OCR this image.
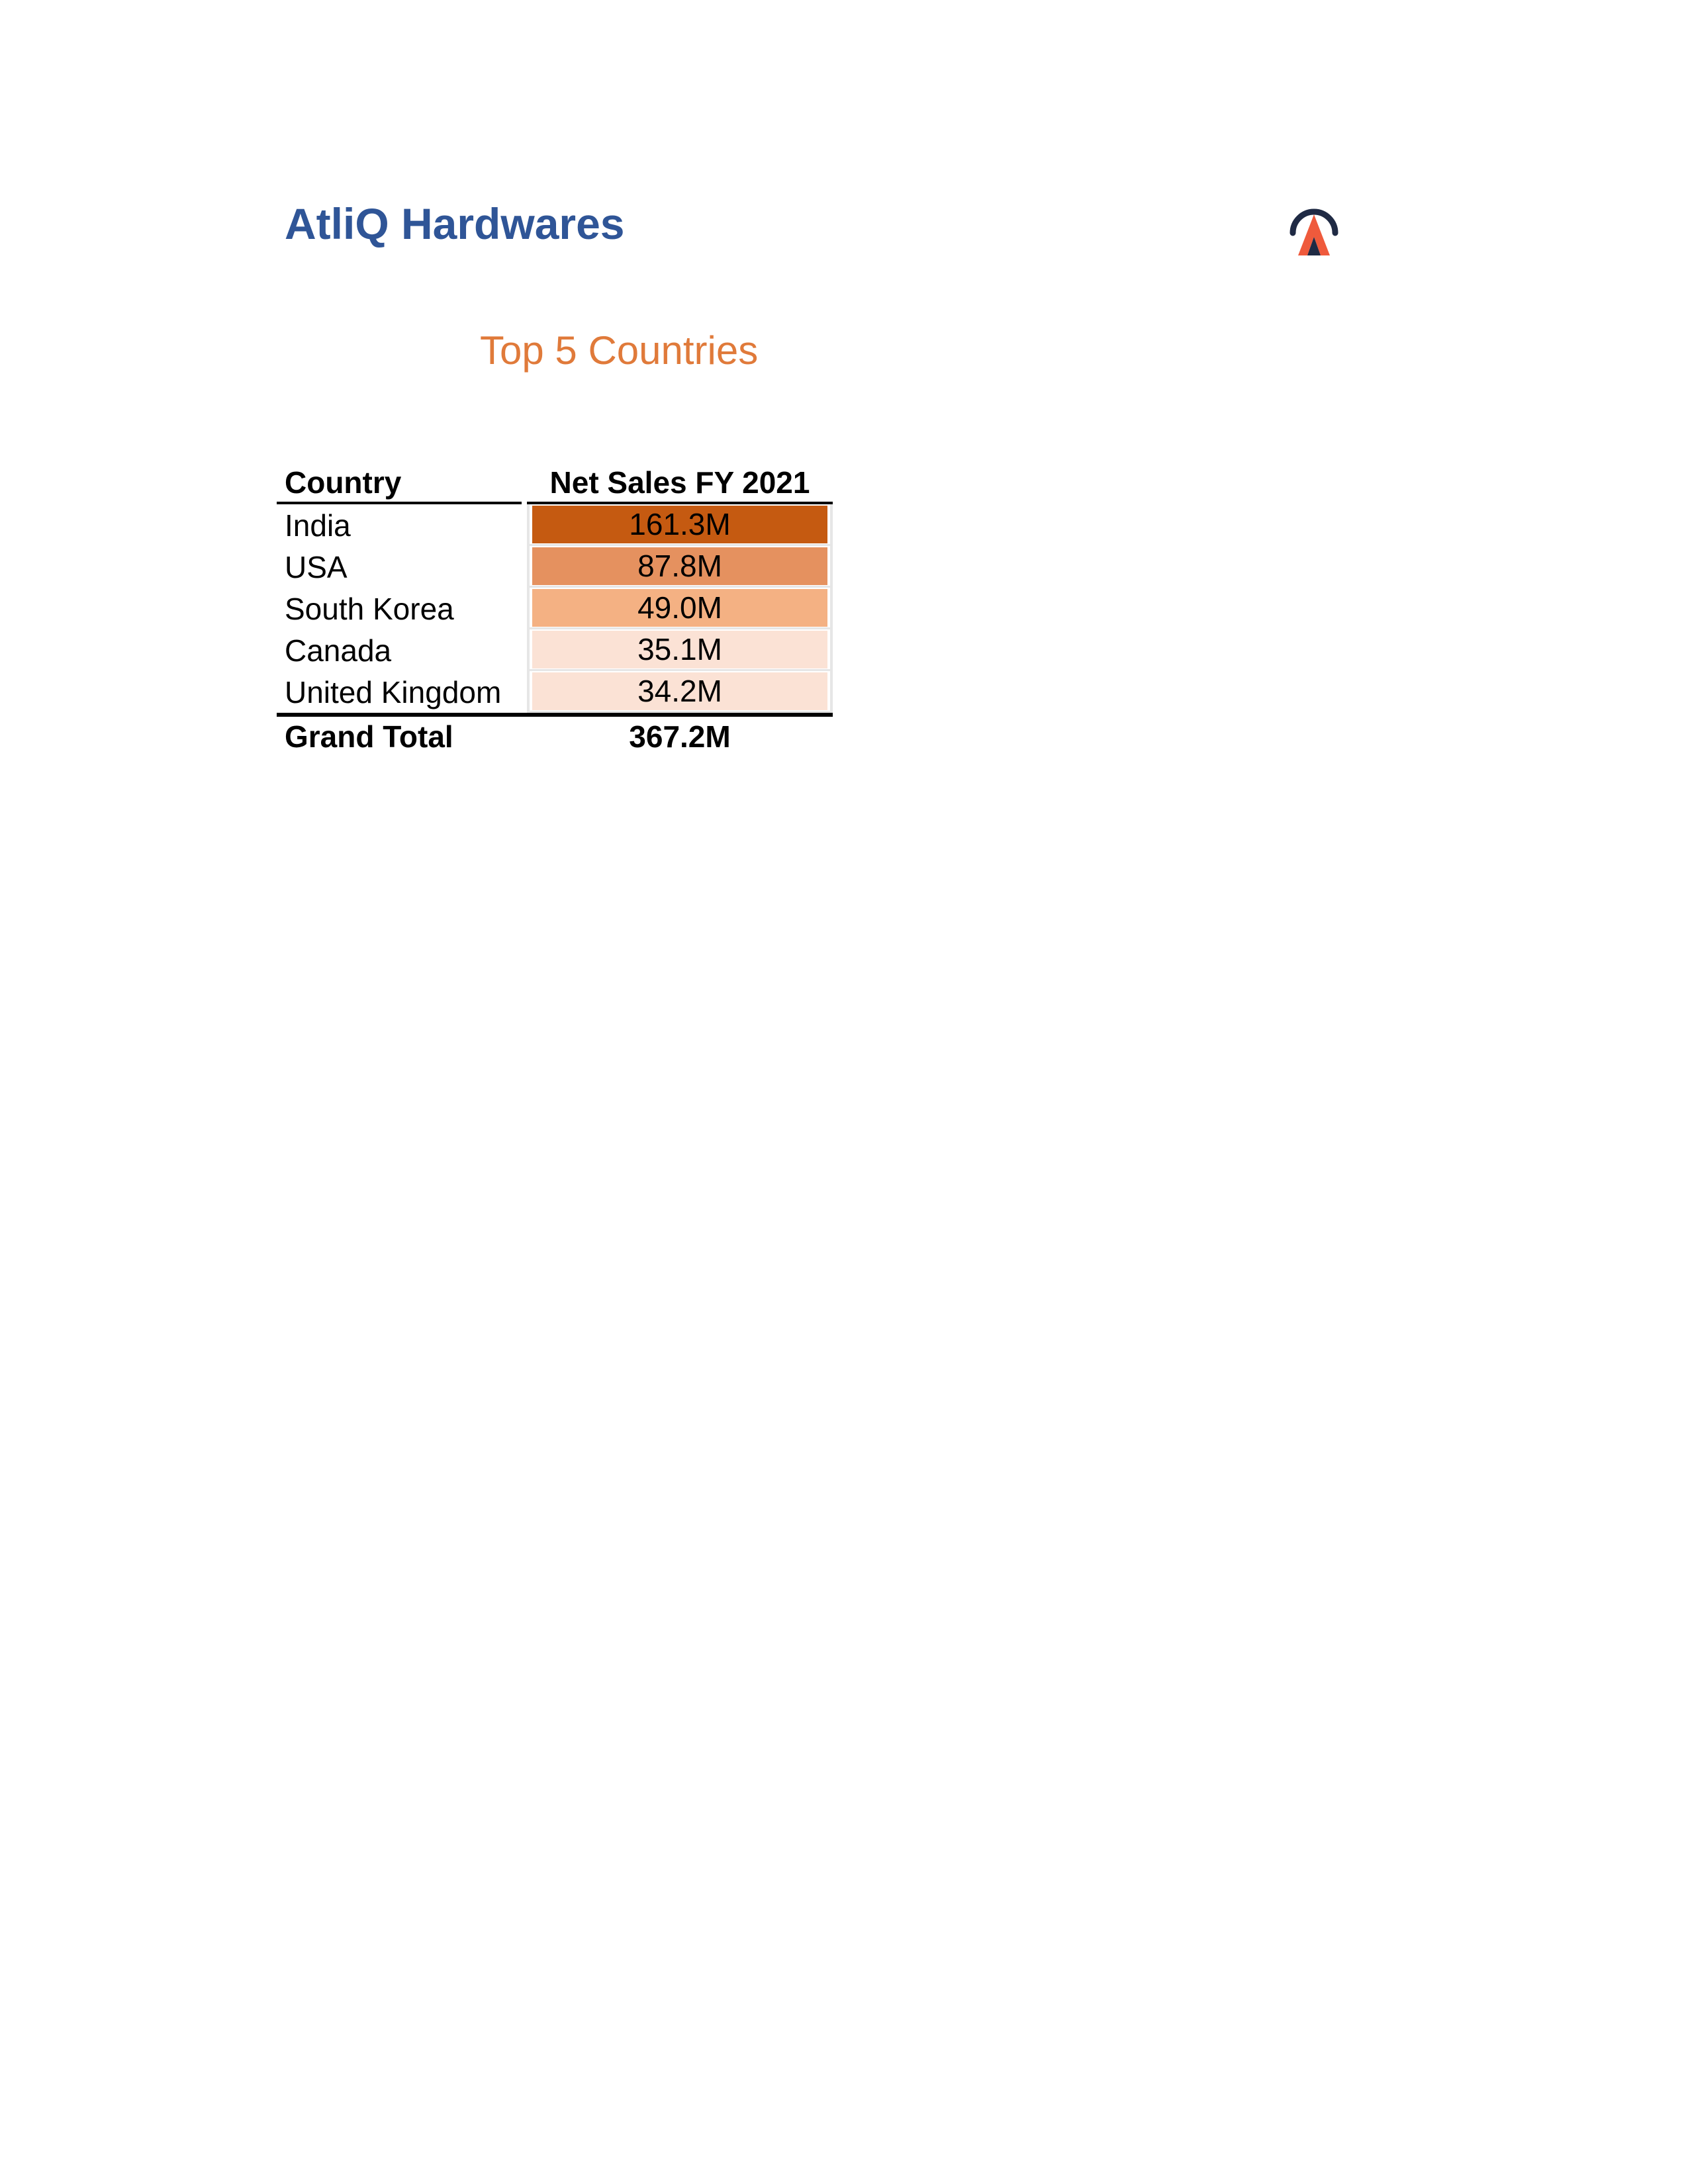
AtliQ Hardwares
Top 5 Countries
Country	Net Sales FY 2021
India	161.3M
USA	87.8M
South Korea	49.0M
Canada	35.1M
United Kingdom	34.2M
Grand Total	367.2M
